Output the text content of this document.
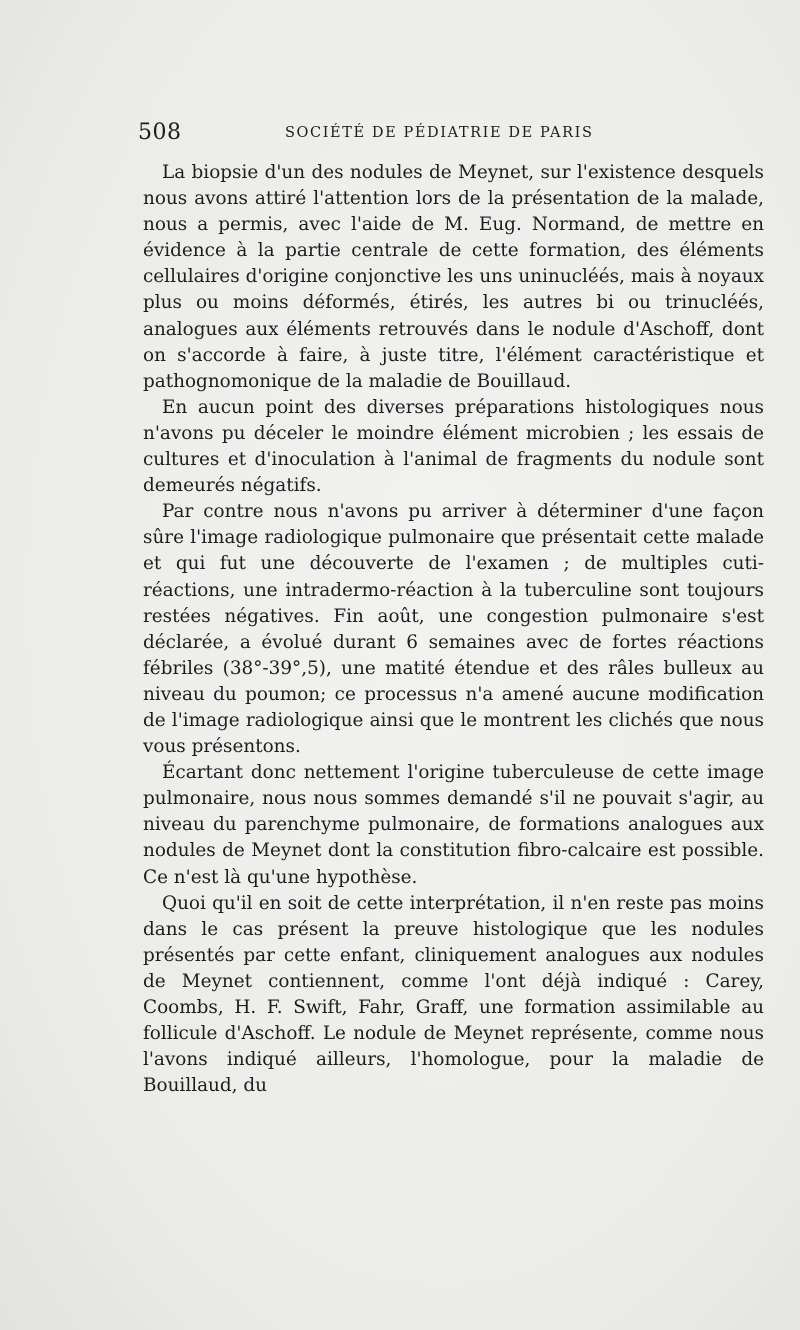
508	SOCIÉTÉ DE PÉDIATRIE DE PARIS

La biopsie d'un des nodules de Meynet, sur l'existence desquels nous avons attiré l'attention lors de la présentation de la malade, nous a permis, avec l'aide de M. Eug. Normand, de mettre en évidence à la partie centrale de cette formation, des éléments cellulaires d'origine conjonctive les uns uninucléés, mais à noyaux plus ou moins déformés, étirés, les autres bi ou trinucléés, analogues aux éléments retrouvés dans le nodule d'Aschoff, dont on s'accorde à faire, à juste titre, l'élément caractéristique et pathognomonique de la maladie de Bouillaud.

En aucun point des diverses préparations histologiques nous n'avons pu déceler le moindre élément microbien ; les essais de cultures et d'inoculation à l'animal de fragments du nodule sont demeurés négatifs.

Par contre nous n'avons pu arriver à déterminer d'une façon sûre l'image radiologique pulmonaire que présentait cette malade et qui fut une découverte de l'examen ; de multiples cuti-réactions, une intradermo-réaction à la tuberculine sont toujours restées négatives. Fin août, une congestion pulmonaire s'est déclarée, a évolué durant 6 semaines avec de fortes réactions fébriles (38°-39°,5), une matité étendue et des râles bulleux au niveau du poumon; ce processus n'a amené aucune modification de l'image radiologique ainsi que le montrent les clichés que nous vous présentons.

Écartant donc nettement l'origine tuberculeuse de cette image pulmonaire, nous nous sommes demandé s'il ne pouvait s'agir, au niveau du parenchyme pulmonaire, de formations analogues aux nodules de Meynet dont la constitution fibro-calcaire est possible. Ce n'est là qu'une hypothèse.

Quoi qu'il en soit de cette interprétation, il n'en reste pas moins dans le cas présent la preuve histologique que les nodules présentés par cette enfant, cliniquement analogues aux nodules de Meynet contiennent, comme l'ont déjà indiqué : Carey, Coombs, H. F. Swift, Fahr, Graff, une formation assimilable au follicule d'Aschoff. Le nodule de Meynet représente, comme nous l'avons indiqué ailleurs, l'homologue, pour la maladie de Bouillaud, du
